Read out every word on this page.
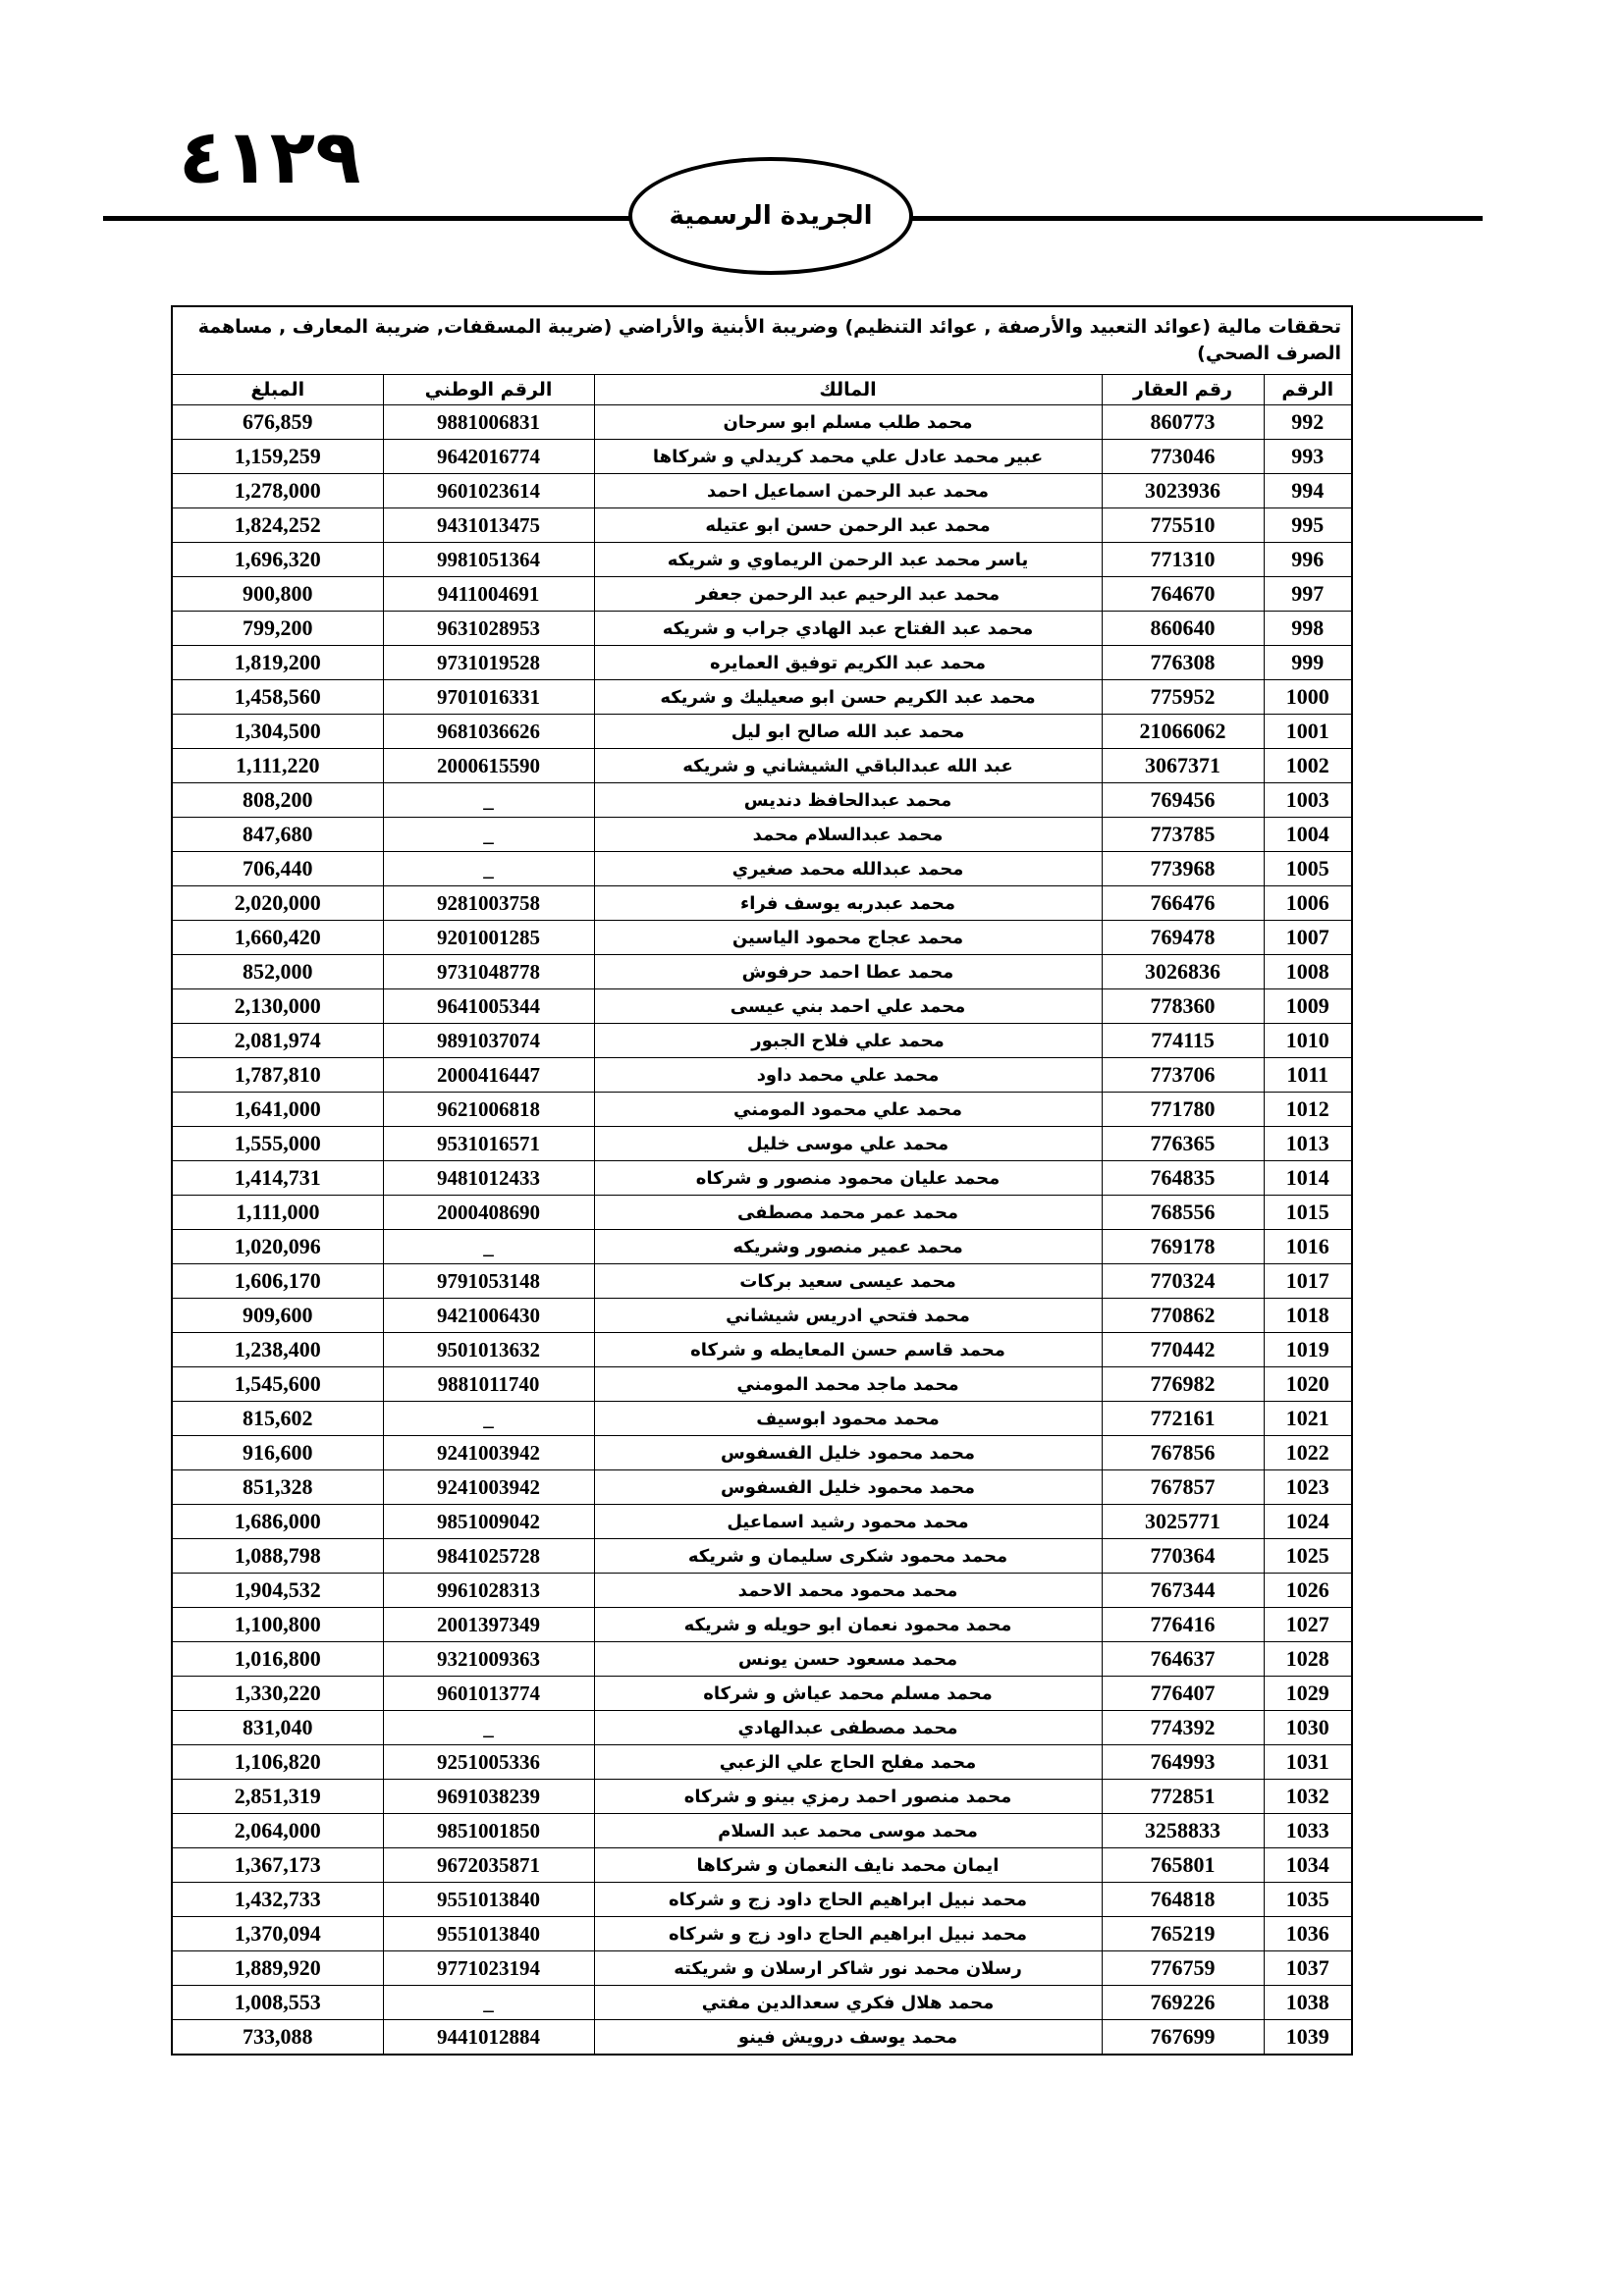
٤١٢٩
الجريدة الرسمية
تحققات مالية (عوائد التعبيد والأرصفة , عوائد التنظيم) وضريبة الأبنية والأراضي (ضريبة المسقفات, ضريبة المعارف , مساهمة الصرف الصحي)				
الرقم	رقم العقار	المالك	الرقم الوطني	المبلغ
992	860773	محمد طلب مسلم ابو سرحان	9881006831	676,859
993	773046	عبير محمد عادل علي محمد كريدلي و شركاها	9642016774	1,159,259
994	3023936	محمد عبد الرحمن اسماعيل احمد	9601023614	1,278,000
995	775510	محمد عبد الرحمن حسن ابو عتيله	9431013475	1,824,252
996	771310	ياسر محمد عبد الرحمن الريماوي و شريكه	9981051364	1,696,320
997	764670	محمد عبد الرحيم عبد الرحمن جعفر	9411004691	900,800
998	860640	محمد عبد الفتاح عبد الهادي جراب و شريكه	9631028953	799,200
999	776308	محمد عبد الكريم توفيق العمايره	9731019528	1,819,200
1000	775952	محمد عبد الكريم حسن ابو صعيليك و شريكه	9701016331	1,458,560
1001	21066062	محمد عبد الله صالح ابو ليل	9681036626	1,304,500
1002	3067371	عبد الله عبدالباقي الشيشاني و شريكه	2000615590	1,111,220
1003	769456	محمد عبدالحافظ دنديس	_	808,200
1004	773785	محمد عبدالسلام محمد	_	847,680
1005	773968	محمد عبدالله محمد صغيري	_	706,440
1006	766476	محمد عبدربه يوسف فراء	9281003758	2,020,000
1007	769478	محمد عجاج محمود الياسين	9201001285	1,660,420
1008	3026836	محمد عطا احمد حرفوش	9731048778	852,000
1009	778360	محمد علي احمد بني عيسى	9641005344	2,130,000
1010	774115	محمد علي فلاح الجبور	9891037074	2,081,974
1011	773706	محمد علي محمد داود	2000416447	1,787,810
1012	771780	محمد علي محمود المومني	9621006818	1,641,000
1013	776365	محمد علي موسى خليل	9531016571	1,555,000
1014	764835	محمد عليان محمود منصور و شركاه	9481012433	1,414,731
1015	768556	محمد عمر محمد مصطفى	2000408690	1,111,000
1016	769178	محمد عمير منصور وشريكه	_	1,020,096
1017	770324	محمد عيسى سعيد بركات	9791053148	1,606,170
1018	770862	محمد فتحي ادريس شيشاني	9421006430	909,600
1019	770442	محمد قاسم حسن المعايطه و شركاه	9501013632	1,238,400
1020	776982	محمد ماجد محمد المومني	9881011740	1,545,600
1021	772161	محمد محمود ابوسيف	_	815,602
1022	767856	محمد محمود خليل الفسفوس	9241003942	916,600
1023	767857	محمد محمود خليل الفسفوس	9241003942	851,328
1024	3025771	محمد محمود رشيد اسماعيل	9851009042	1,686,000
1025	770364	محمد محمود شكرى سليمان و شريكه	9841025728	1,088,798
1026	767344	محمد محمود محمد الاحمد	9961028313	1,904,532
1027	776416	محمد محمود نعمان ابو حويله و شريكه	2001397349	1,100,800
1028	764637	محمد مسعود حسن يونس	9321009363	1,016,800
1029	776407	محمد مسلم محمد عياش و شركاه	9601013774	1,330,220
1030	774392	محمد مصطفى عبدالهادي	_	831,040
1031	764993	محمد مفلح الحاج علي الزعبي	9251005336	1,106,820
1032	772851	محمد منصور احمد رمزي بينو و شركاه	9691038239	2,851,319
1033	3258833	محمد موسى محمد عبد السلام	9851001850	2,064,000
1034	765801	ايمان محمد نايف النعمان و شركاها	9672035871	1,367,173
1035	764818	محمد نبيل ابراهيم الحاج داود زج و شركاه	9551013840	1,432,733
1036	765219	محمد نبيل ابراهيم الحاج داود زج و شركاه	9551013840	1,370,094
1037	776759	رسلان محمد نور شاكر ارسلان و شريكته	9771023194	1,889,920
1038	769226	محمد هلال فكري سعدالدين مفتي	_	1,008,553
1039	767699	محمد يوسف درويش فينو	9441012884	733,088
